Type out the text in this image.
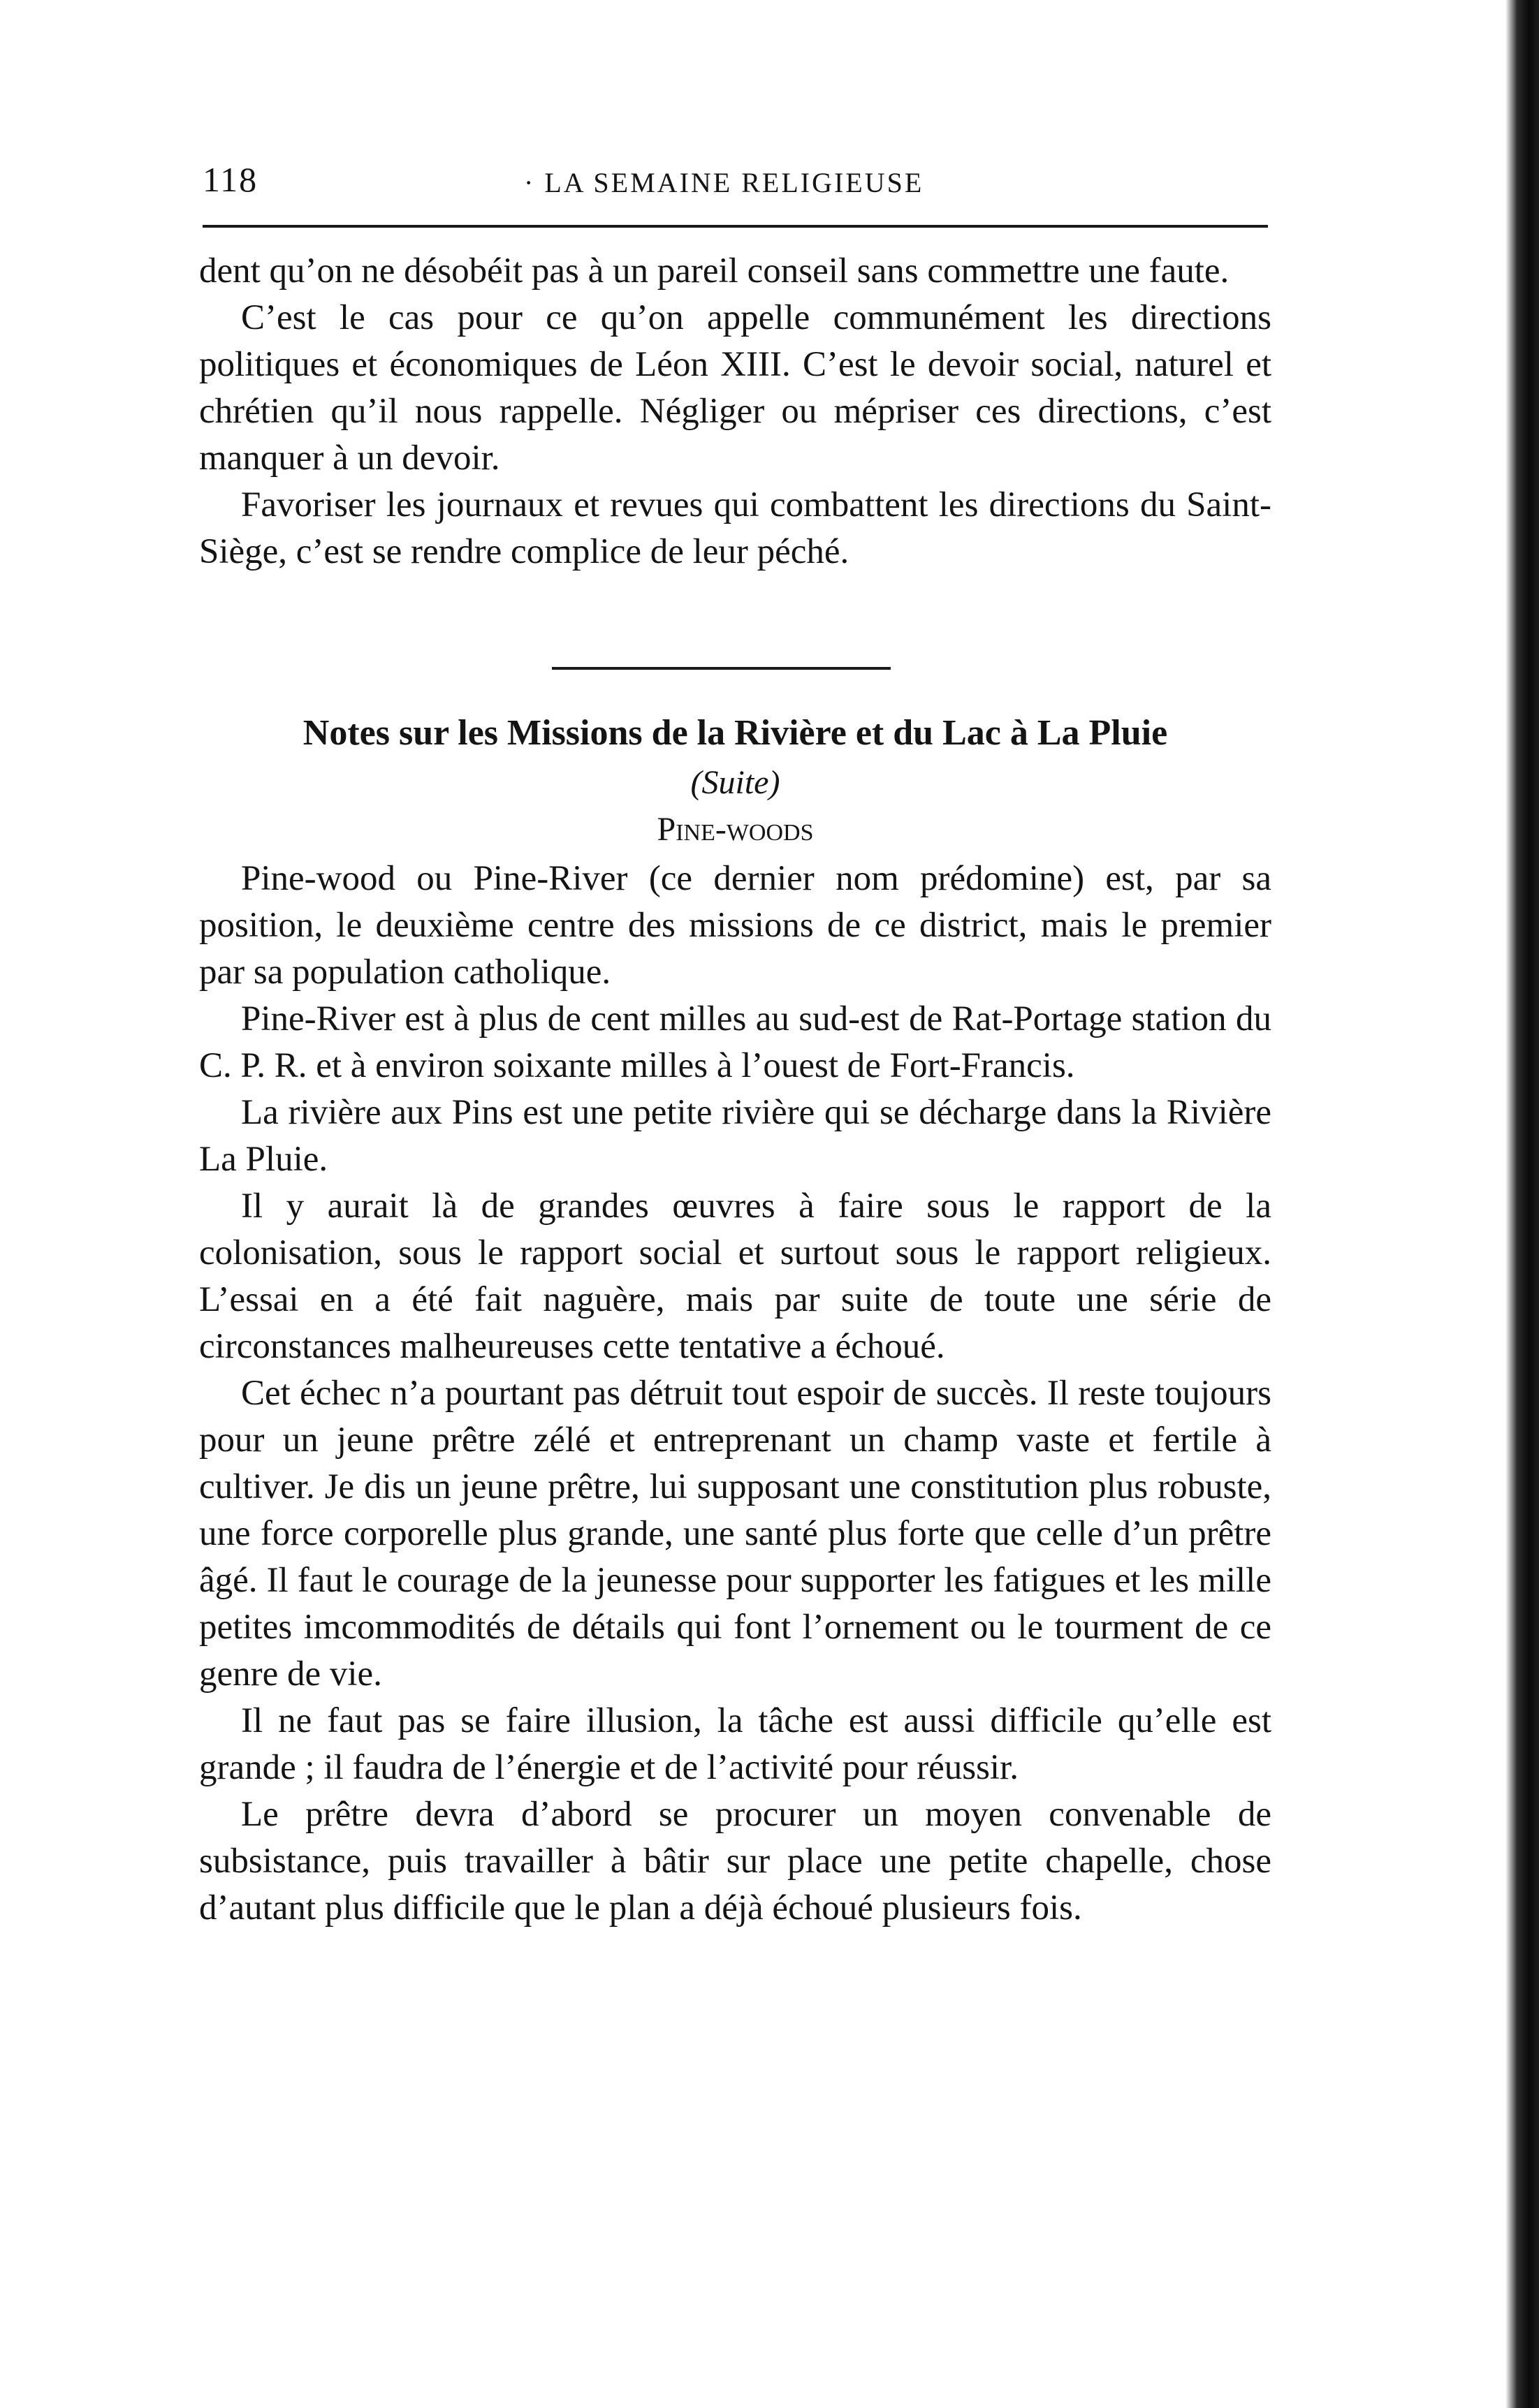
118	· LA SEMAINE RELIGIEUSE

dent qu’on ne désobéit pas à un pareil conseil sans commettre une faute.

C’est le cas pour ce qu’on appelle communément les directions politiques et économiques de Léon XIII. C’est le devoir social, naturel et chrétien qu’il nous rappelle. Négliger ou mépriser ces directions, c’est manquer à un devoir.

Favoriser les journaux et revues qui combattent les directions du Saint-Siège, c’est se rendre complice de leur péché.

Notes sur les Missions de la Rivière et du Lac à La Pluie
(Suite)
Pine-woods

Pine-wood ou Pine-River (ce dernier nom prédomine) est, par sa position, le deuxième centre des missions de ce district, mais le premier par sa population catholique.

Pine-River est à plus de cent milles au sud-est de Rat-Portage station du C. P. R. et à environ soixante milles à l’ouest de Fort-Francis.

La rivière aux Pins est une petite rivière qui se décharge dans la Rivière La Pluie.

Il y aurait là de grandes œuvres à faire sous le rapport de la colonisation, sous le rapport social et surtout sous le rapport religieux. L’essai en a été fait naguère, mais par suite de toute une série de circonstances malheureuses cette tentative a échoué.

Cet échec n’a pourtant pas détruit tout espoir de succès. Il reste toujours pour un jeune prêtre zélé et entreprenant un champ vaste et fertile à cultiver. Je dis un jeune prêtre, lui supposant une constitution plus robuste, une force corporelle plus grande, une santé plus forte que celle d’un prêtre âgé. Il faut le courage de la jeunesse pour supporter les fatigues et les mille petites imcommodités de détails qui font l’ornement ou le tourment de ce genre de vie.

Il ne faut pas se faire illusion, la tâche est aussi difficile qu’elle est grande ; il faudra de l’énergie et de l’activité pour réussir.

Le prêtre devra d’abord se procurer un moyen convenable de subsistance, puis travailler à bâtir sur place une petite chapelle, chose d’autant plus difficile que le plan a déjà échoué plusieurs fois.
